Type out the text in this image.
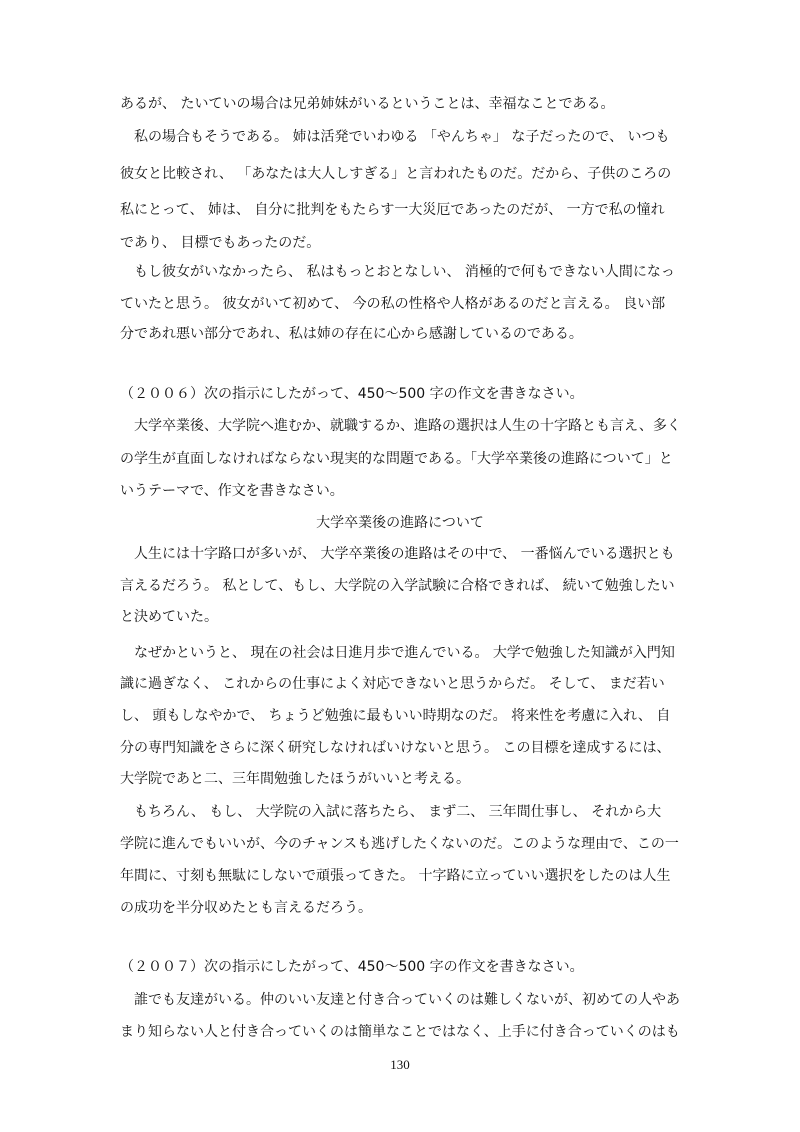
あるが、 たいていの場合は兄弟姉妹がいるということは、幸福なことである。
　私の場合もそうである。 姉は活発でいわゆる 「やんちゃ」 な子だったので、 いつも
彼女と比較され、 「あなたは大人しすぎる」と言われたものだ。だから、子供のころの
私にとって、 姉は、 自分に批判をもたらす一大災厄であったのだが、 一方で私の憧れ
であり、 目標でもあったのだ。
　もし彼女がいなかったら、 私はもっとおとなしい、 消極的で何もできない人間になっ
ていたと思う。 彼女がいて初めて、 今の私の性格や人格があるのだと言える。 良い部
分であれ悪い部分であれ、私は姉の存在に心から感謝しているのである。
（２００６）次の指示にしたがって、450～500 字の作文を書きなさい。
　大学卒業後、大学院へ進むか、就職するか、進路の選択は人生の十字路とも言え、多く
の学生が直面しなければならない現実的な問題である。「大学卒業後の進路について」と
いうテーマで、作文を書きなさい。
大学卒業後の進路について
　人生には十字路口が多いが、 大学卒業後の進路はその中で、 一番悩んでいる選択とも
言えるだろう。 私として、もし、大学院の入学試験に合格できれば、 続いて勉強したい
と決めていた。
　なぜかというと、 現在の社会は日進月歩で進んでいる。 大学で勉強した知識が入門知
識に過ぎなく、 これからの仕事によく対応できないと思うからだ。 そして、 まだ若い
し、 頭もしなやかで、 ちょうど勉強に最もいい時期なのだ。 将来性を考慮に入れ、 自
分の専門知識をさらに深く研究しなければいけないと思う。 この目標を達成するには、
大学院であと二、三年間勉強したほうがいいと考える。
　もちろん、 もし、 大学院の入試に落ちたら、 まず二、 三年間仕事し、 それから大
学院に進んでもいいが、今のチャンスも逃げしたくないのだ。このような理由で、この一
年間に、寸刻も無駄にしないで頑張ってきた。 十字路に立っていい選択をしたのは人生
の成功を半分収めたとも言えるだろう。
（２００７）次の指示にしたがって、450～500 字の作文を書きなさい。
　誰でも友達がいる。仲のいい友達と付き合っていくのは難しくないが、初めての人やあ
まり知らない人と付き合っていくのは簡単なことではなく、上手に付き合っていくのはも
130
